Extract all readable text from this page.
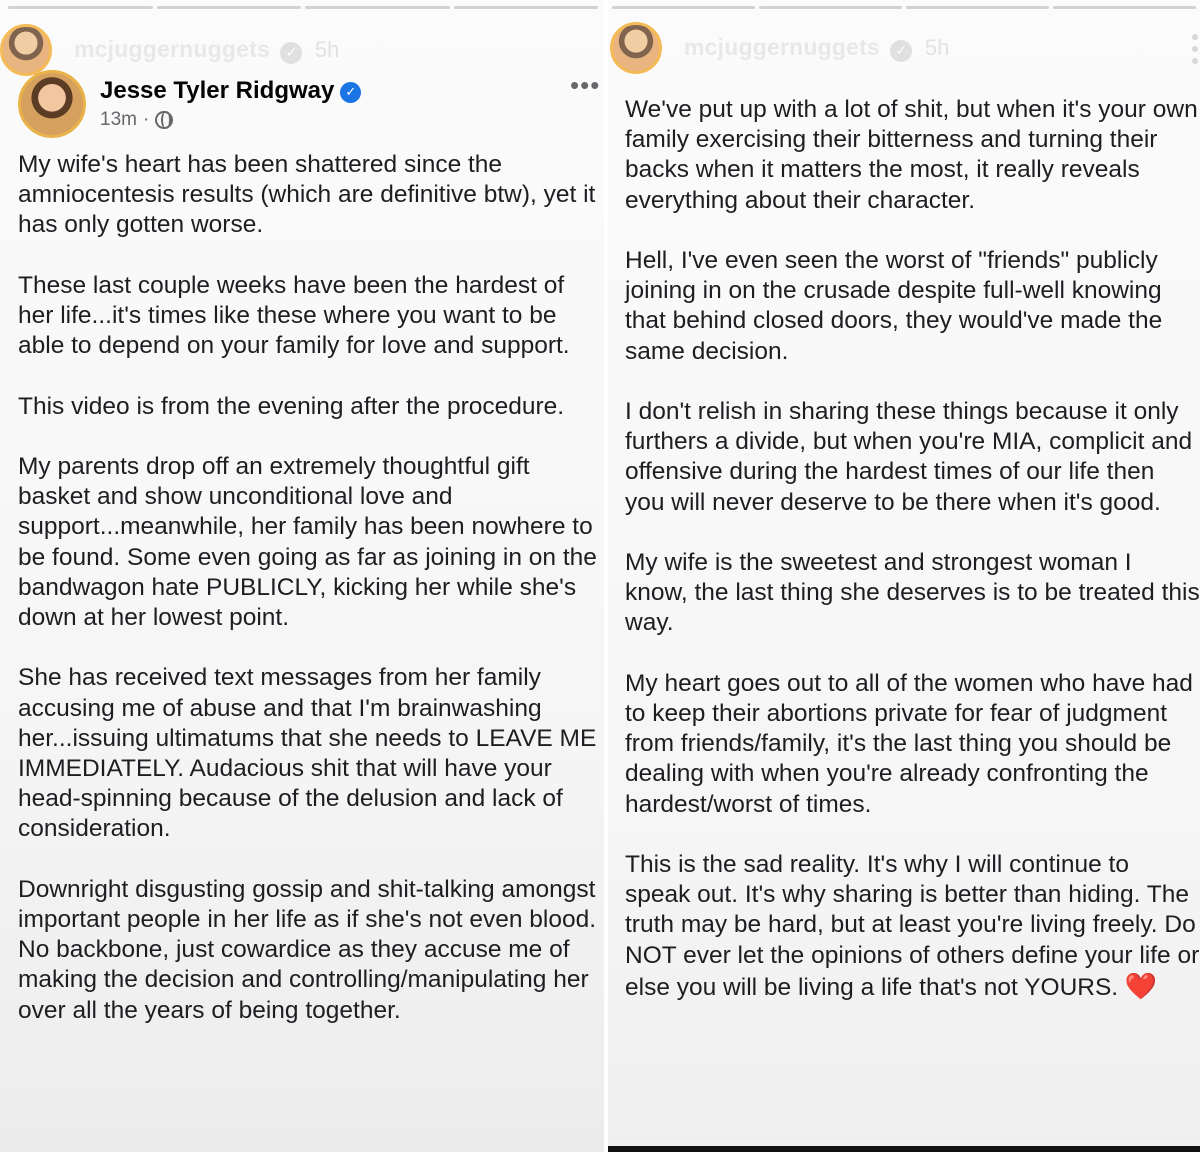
mcjuggernuggets ✓ 5h
Jesse Tyler Ridgway ✓
13m ·
•••

My wife's heart has been shattered since the amniocentesis results (which are definitive btw), yet it has only gotten worse.

These last couple weeks have been the hardest of her life...it's times like these where you want to be able to depend on your family for love and support.

This video is from the evening after the procedure.

My parents drop off an extremely thoughtful gift basket and show unconditional love and support...meanwhile, her family has been nowhere to be found. Some even going as far as joining in on the bandwagon hate PUBLICLY, kicking her while she's down at her lowest point.

She has received text messages from her family accusing me of abuse and that I'm brainwashing her...issuing ultimatums that she needs to LEAVE ME IMMEDIATELY. Audacious shit that will have your head-spinning because of the delusion and lack of consideration.

Downright disgusting gossip and shit-talking amongst important people in her life as if she's not even blood. No backbone, just cowardice as they accuse me of making the decision and controlling/manipulating her over all the years of being together.

mcjuggernuggets ✓ 5h

We've put up with a lot of shit, but when it's your own family exercising their bitterness and turning their backs when it matters the most, it really reveals everything about their character.

Hell, I've even seen the worst of "friends" publicly joining in on the crusade despite full-well knowing that behind closed doors, they would've made the same decision.

I don't relish in sharing these things because it only furthers a divide, but when you're MIA, complicit and offensive during the hardest times of our life then you will never deserve to be there when it's good.

My wife is the sweetest and strongest woman I know, the last thing she deserves is to be treated this way.

My heart goes out to all of the women who have had to keep their abortions private for fear of judgment from friends/family, it's the last thing you should be dealing with when you're already confronting the hardest/worst of times.

This is the sad reality. It's why I will continue to speak out. It's why sharing is better than hiding. The truth may be hard, but at least you're living freely. Do NOT ever let the opinions of others define your life or else you will be living a life that's not YOURS. ❤️
